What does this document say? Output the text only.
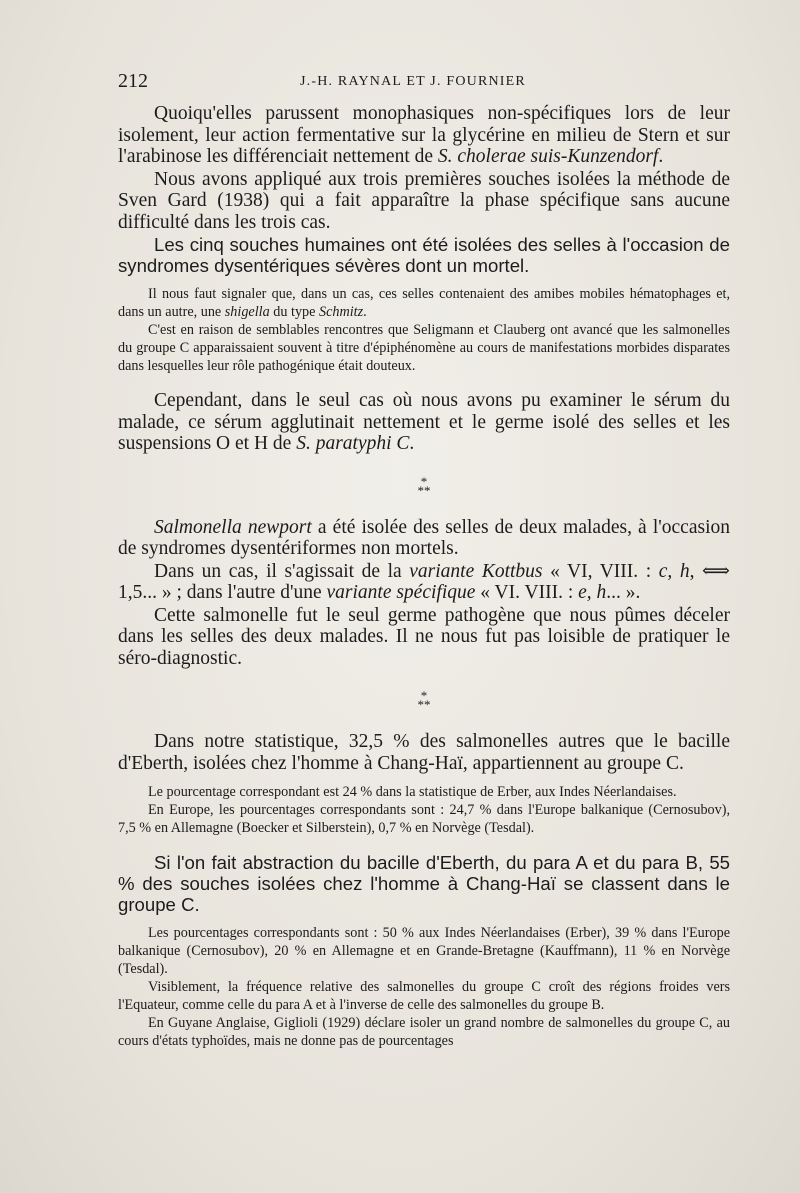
212	J.-H. RAYNAL ET J. FOURNIER

Quoiqu'elles parussent monophasiques non-spécifiques lors de leur isolement, leur action fermentative sur la glycérine en milieu de Stern et sur l'arabinose les différenciait nettement de S. cholerae suis-Kunzendorf.

Nous avons appliqué aux trois premières souches isolées la méthode de Sven Gard (1938) qui a fait apparaître la phase spécifique sans aucune difficulté dans les trois cas.

Les cinq souches humaines ont été isolées des selles à l'occasion de syndromes dysentériques sévères dont un mortel.

Il nous faut signaler que, dans un cas, ces selles contenaient des amibes mobiles hématophages et, dans un autre, une shigella du type Schmitz.

C'est en raison de semblables rencontres que Seligmann et Clauberg ont avancé que les salmonelles du groupe C apparaissaient souvent à titre d'épiphénomène au cours de manifestations morbides disparates dans lesquelles leur rôle pathogénique était douteux.

Cependant, dans le seul cas où nous avons pu examiner le sérum du malade, ce sérum agglutinait nettement et le germe isolé des selles et les suspensions O et H de S. paratyphi C.

*
**

Salmonella newport a été isolée des selles de deux malades, à l'occasion de syndromes dysentériformes non mortels.

Dans un cas, il s'agissait de la variante Kottbus « VI, VIII. : c, h, ⟺ 1,5... » ; dans l'autre d'une variante spécifique « VI. VIII. : e, h... ».

Cette salmonelle fut le seul germe pathogène que nous pûmes déceler dans les selles des deux malades. Il ne nous fut pas loisible de pratiquer le séro-diagnostic.

*
**

Dans notre statistique, 32,5 % des salmonelles autres que le bacille d'Eberth, isolées chez l'homme à Chang-Haï, appartiennent au groupe C.

Le pourcentage correspondant est 24 % dans la statistique de Erber, aux Indes Néerlandaises.

En Europe, les pourcentages correspondants sont : 24,7 % dans l'Europe balkanique (Cernosubov), 7,5 % en Allemagne (Boecker et Silberstein), 0,7 % en Norvège (Tesdal).

Si l'on fait abstraction du bacille d'Eberth, du para A et du para B, 55 % des souches isolées chez l'homme à Chang-Haï se classent dans le groupe C.

Les pourcentages correspondants sont : 50 % aux Indes Néerlandaises (Erber), 39 % dans l'Europe balkanique (Cernosubov), 20 % en Allemagne et en Grande-Bretagne (Kauffmann), 11 % en Norvège (Tesdal).

Visiblement, la fréquence relative des salmonelles du groupe C croît des régions froides vers l'Equateur, comme celle du para A et à l'inverse de celle des salmonelles du groupe B.

En Guyane Anglaise, Giglioli (1929) déclare isoler un grand nombre de salmonelles du groupe C, au cours d'états typhoïdes, mais ne donne pas de pourcentages
